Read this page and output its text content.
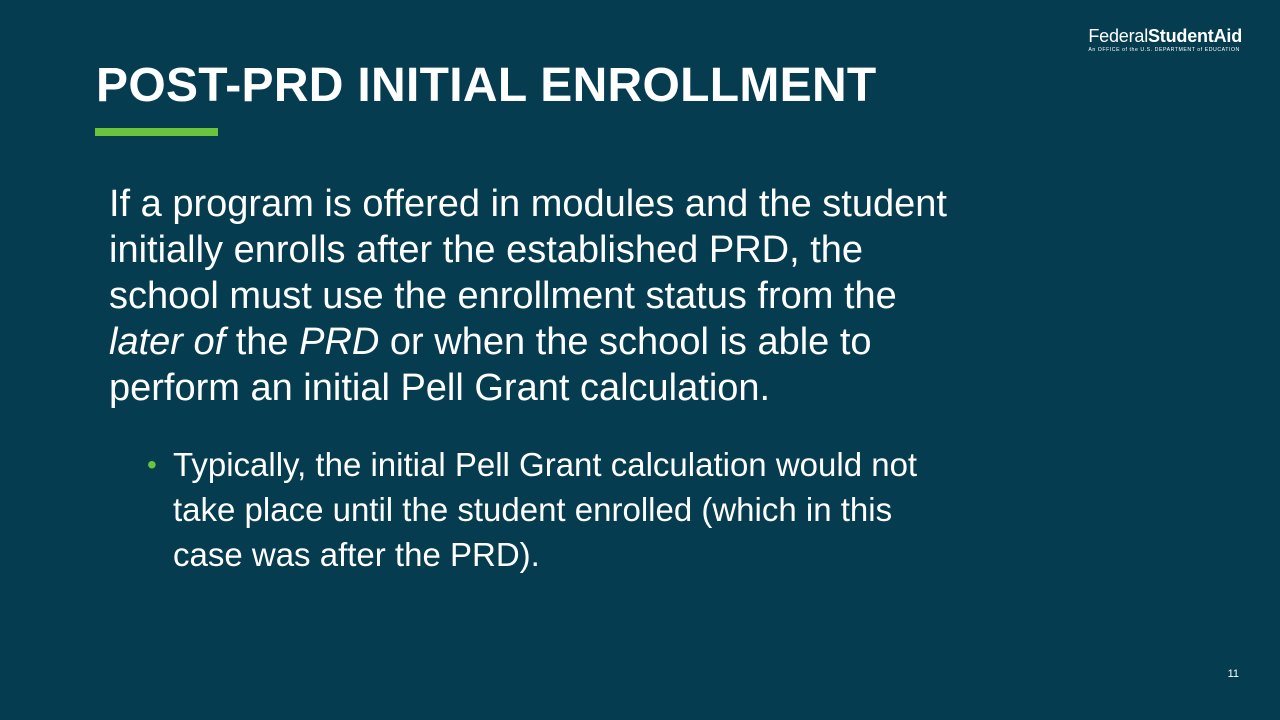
FederalStudentAid
An OFFICE of the U.S. DEPARTMENT of EDUCATION
POST-PRD INITIAL ENROLLMENT

If a program is offered in modules and the student
initially enrolls after the established PRD, the
school must use the enrollment status from the
later of the PRD or when the school is able to
perform an initial Pell Grant calculation.

• Typically, the initial Pell Grant calculation would not
take place until the student enrolled (which in this
case was after the PRD).
11
